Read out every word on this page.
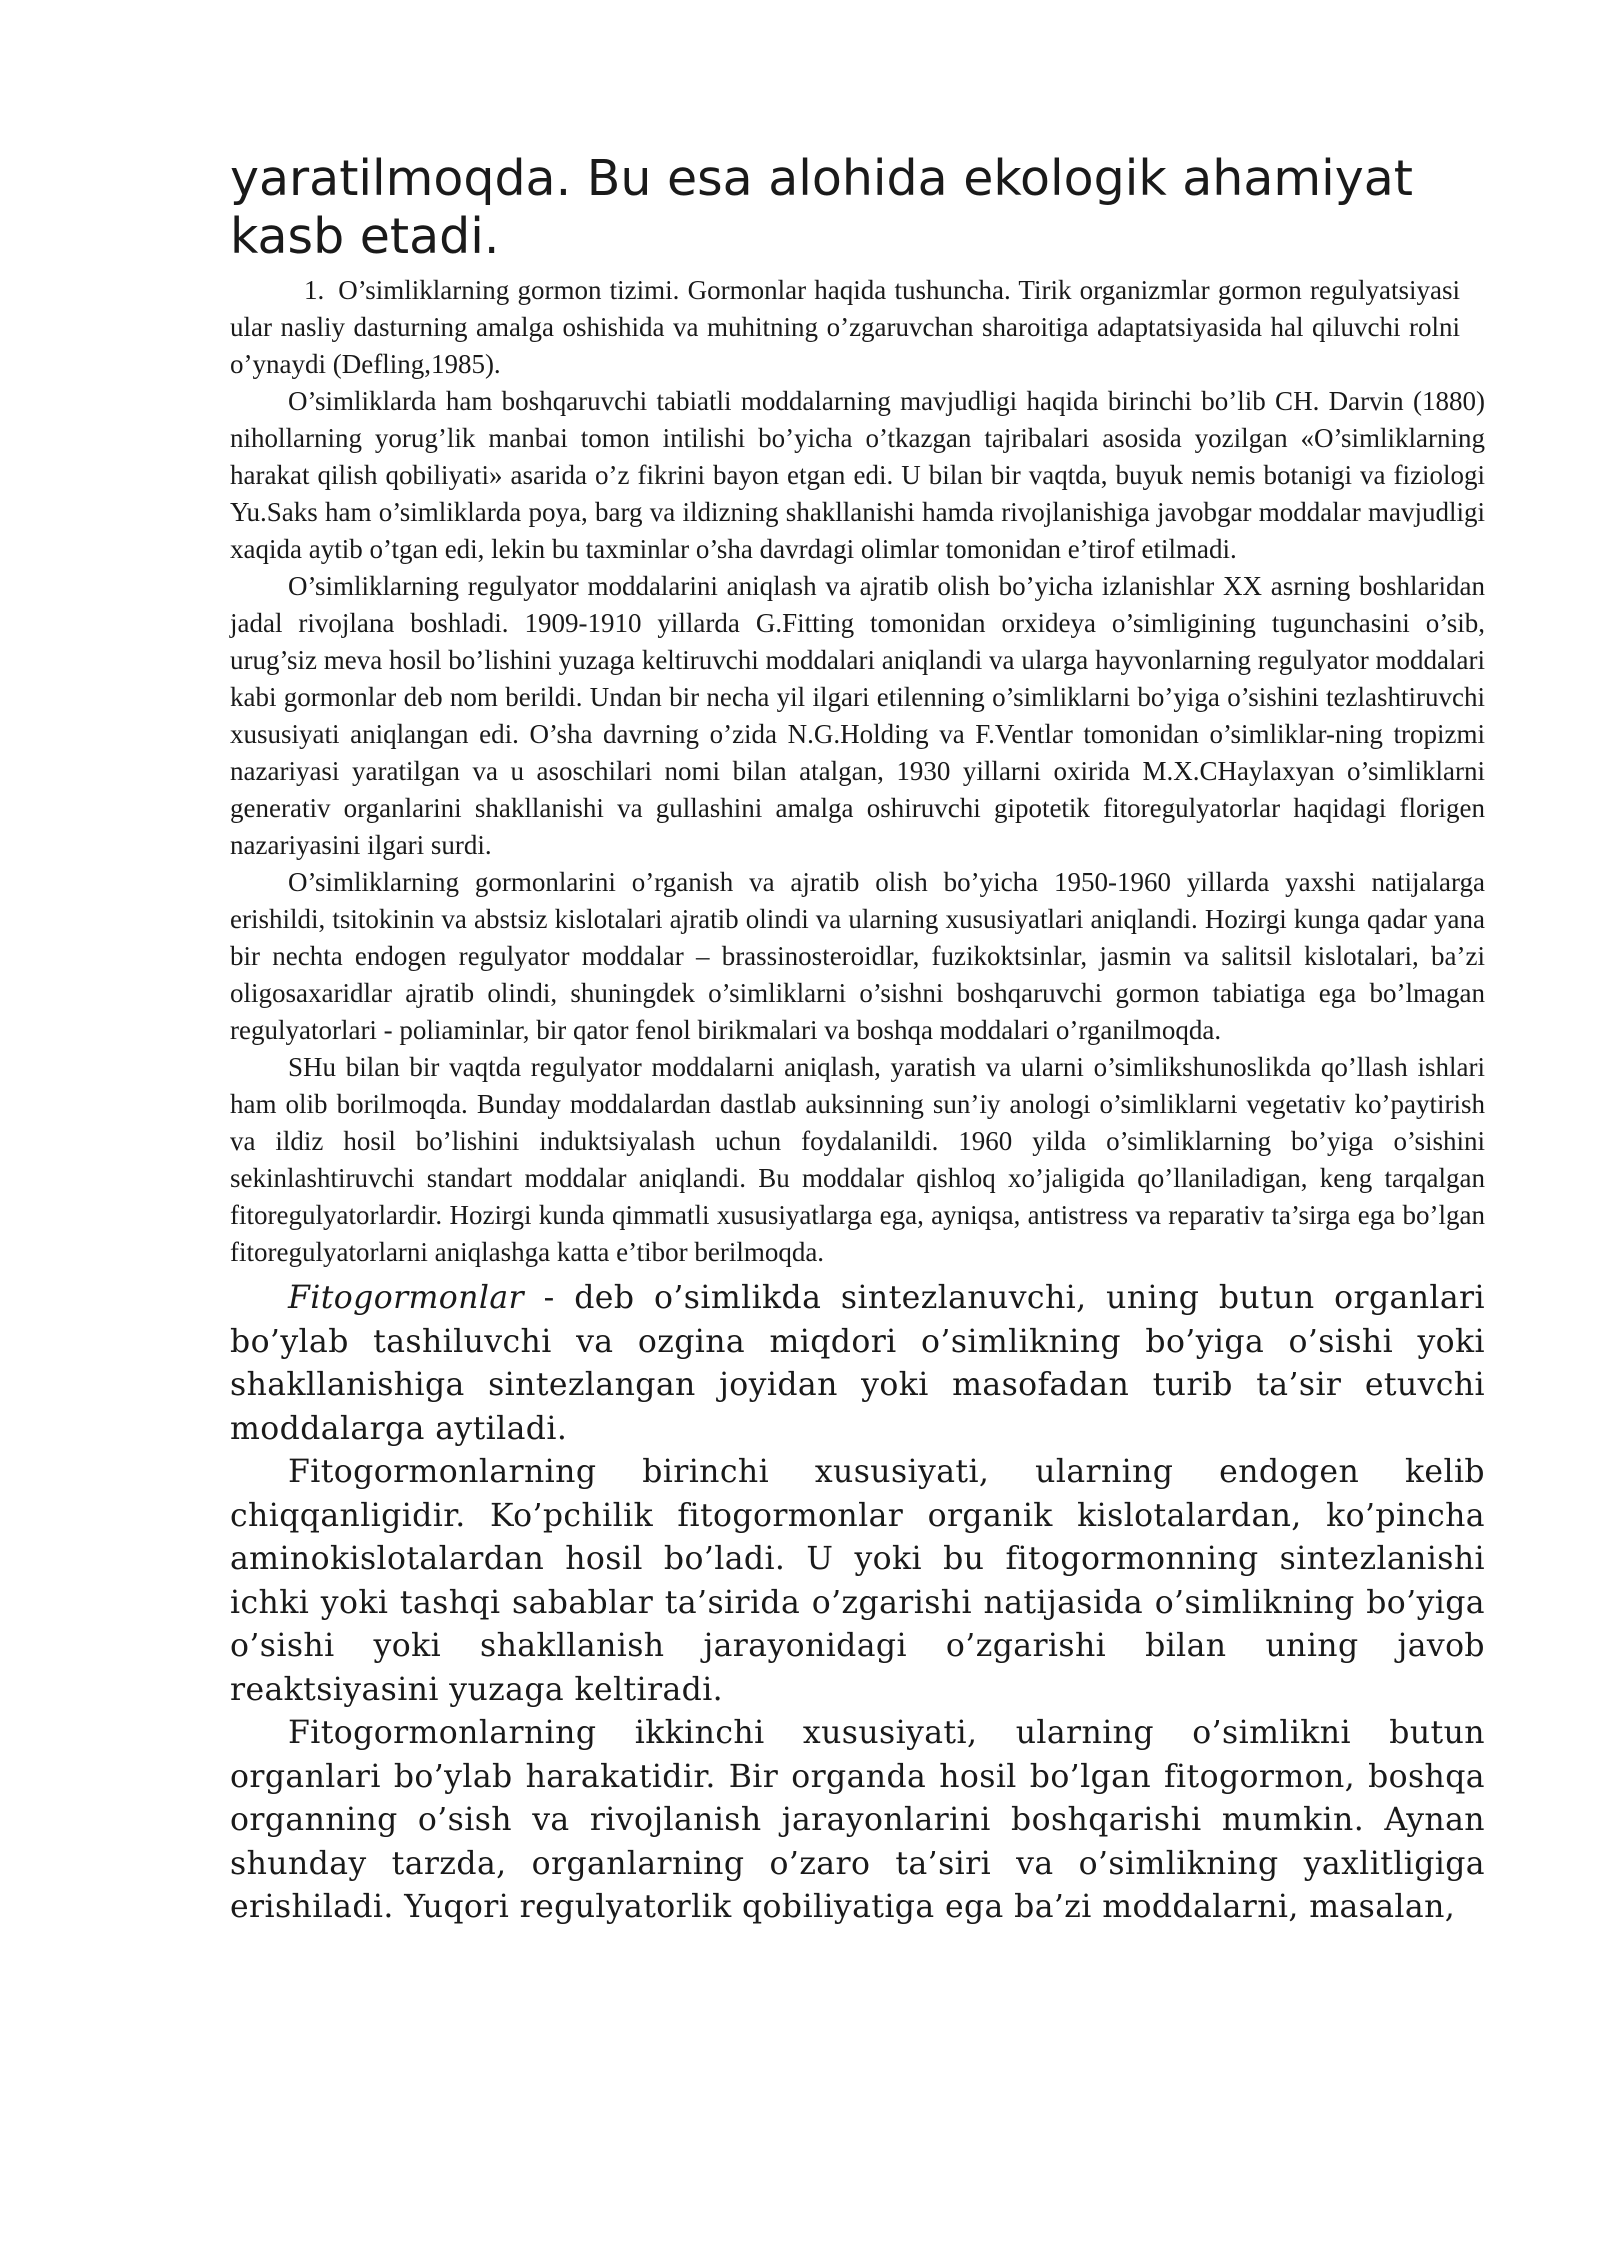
yaratilmoqda. Bu esa alohida ekologik ahamiyat kasb etadi.

1. O’simliklarning gormon tizimi. Gormonlar haqida tushuncha. Tirik organizmlar gormon regulyatsiyasi ular nasliy dasturning amalga oshishida va muhitning o’zgaruvchan sharoitiga adaptatsiyasida hal qiluvchi rolni o’ynaydi (Defling,1985).

O’simliklarda ham boshqaruvchi tabiatli moddalarning mavjudligi haqida birinchi bo’lib CH. Darvin (1880) nihollarning yorug’lik manbai tomon intilishi bo’yicha o’tkazgan tajribalari asosida yozilgan «O’simliklarning harakat qilish qobiliyati» asarida o’z fikrini bayon etgan edi. U bilan bir vaqtda, buyuk nemis botanigi va fiziologi Yu.Saks ham o’simliklarda poya, barg va ildizning shakllanishi hamda rivojlanishiga javobgar moddalar mavjudligi xaqida aytib o’tgan edi, lekin bu taxminlar o’sha davrdagi olimlar tomonidan e’tirof etilmadi.

O’simliklarning regulyator moddalarini aniqlash va ajratib olish bo’yicha izlanishlar XX asrning boshlaridan jadal rivojlana boshladi. 1909-1910 yillarda G.Fitting tomonidan orxideya o’simligining tugunchasini o’sib, urug’siz meva hosil bo’lishini yuzaga keltiruvchi moddalari aniqlandi va ularga hayvonlarning regulyator moddalari kabi gormonlar deb nom berildi. Undan bir necha yil ilgari etilenning o’simliklarni bo’yiga o’sishini tezlashtiruvchi xususiyati aniqlangan edi. O’sha davrning o’zida N.G.Holding va F.Ventlar tomonidan o’simliklar-ning tropizmi nazariyasi yaratilgan va u asoschilari nomi bilan atalgan, 1930 yillarni oxirida M.X.CHaylaxyan o’simliklarni generativ organlarini shakllanishi va gullashini amalga oshiruvchi gipotetik fitoregulyatorlar haqidagi florigen nazariyasini ilgari surdi.

O’simliklarning gormonlarini o’rganish va ajratib olish bo’yicha 1950-1960 yillarda yaxshi natijalarga erishildi, tsitokinin va abstsiz kislotalari ajratib olindi va ularning xususiyatlari aniqlandi. Hozirgi kunga qadar yana bir nechta endogen regulyator moddalar – brassinosteroidlar, fuzikoktsinlar, jasmin va salitsil kislotalari, ba’zi oligosaxaridlar ajratib olindi, shuningdek o’simliklarni o’sishni boshqaruvchi gormon tabiatiga ega bo’lmagan regulyatorlari - poliaminlar, bir qator fenol birikmalari va boshqa moddalari o’rganilmoqda.

SHu bilan bir vaqtda regulyator moddalarni aniqlash, yaratish va ularni o’simlikshunoslikda qo’llash ishlari ham olib borilmoqda. Bunday moddalardan dastlab auksinning sun’iy anologi o’simliklarni vegetativ ko’paytirish va ildiz hosil bo’lishini induktsiyalash uchun foydalanildi. 1960 yilda o’simliklarning bo’yiga o’sishini sekinlashtiruvchi standart moddalar aniqlandi. Bu moddalar qishloq xo’jaligida qo’llaniladigan, keng tarqalgan fitoregulyatorlardir. Hozirgi kunda qimmatli xususiyatlarga ega, ayniqsa, antistress va reparativ ta’sirga ega bo’lgan fitoregulyatorlarni aniqlashga katta e’tibor berilmoqda.

Fitogormonlar - deb o’simlikda sintezlanuvchi, uning butun organlari bo’ylab tashiluvchi va ozgina miqdori o’simlikning bo’yiga o’sishi yoki shakllanishiga sintezlangan joyidan yoki masofadan turib ta’sir etuvchi moddalarga aytiladi.

Fitogormonlarning birinchi xususiyati, ularning endogen kelib chiqqanligidir. Ko’pchilik fitogormonlar organik kislotalardan, ko’pincha aminokislotalardan hosil bo’ladi. U yoki bu fitogormonning sintezlanishi ichki yoki tashqi sabablar ta’sirida o’zgarishi natijasida o’simlikning bo’yiga o’sishi yoki shakllanish jarayonidagi o’zgarishi bilan uning javob reaktsiyasini yuzaga keltiradi.

Fitogormonlarning ikkinchi xususiyati, ularning o’simlikni butun organlari bo’ylab harakatidir. Bir organda hosil bo’lgan fitogormon, boshqa organning o’sish va rivojlanish jarayonlarini boshqarishi mumkin. Aynan shunday tarzda, organlarning o’zaro ta’siri va o’simlikning yaxlitligiga erishiladi. Yuqori regulyatorlik qobiliyatiga ega ba’zi moddalarni, masalan,
